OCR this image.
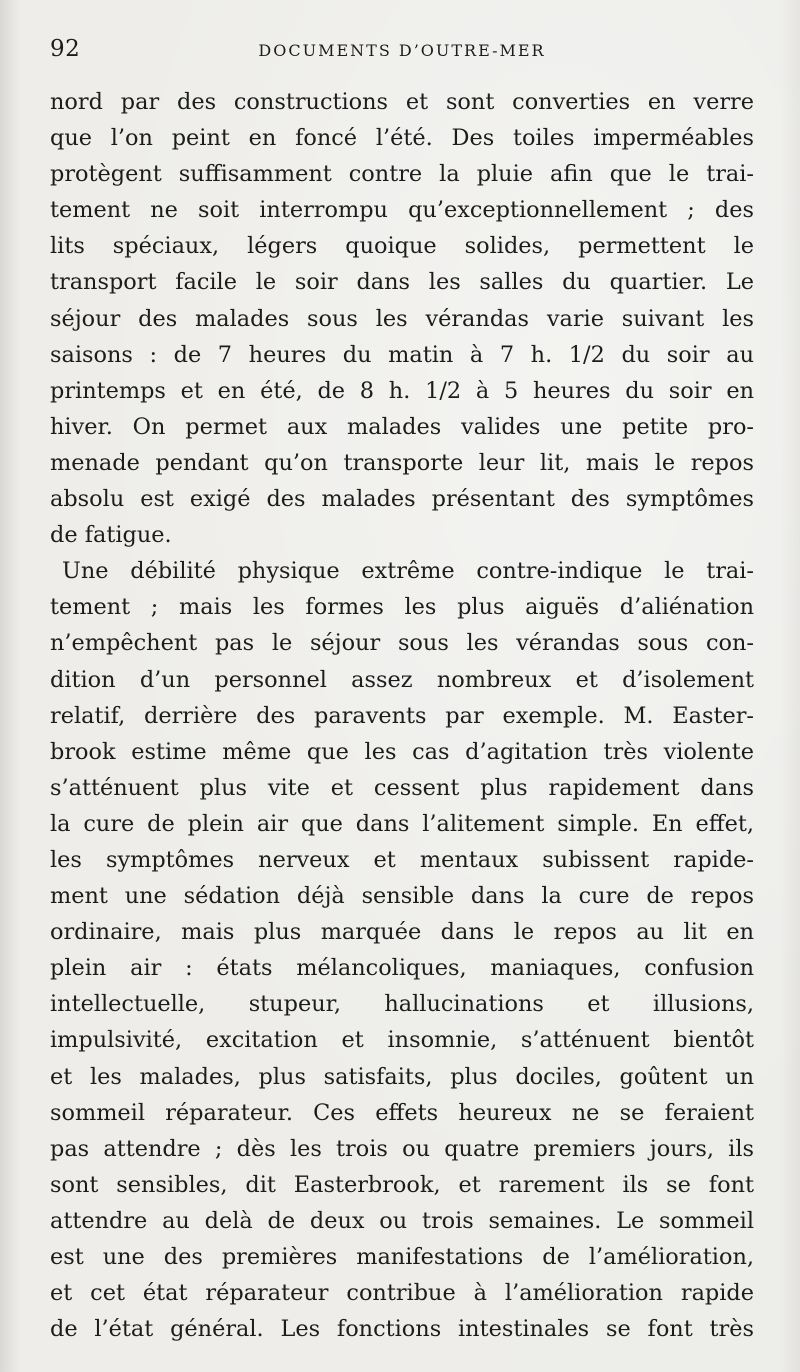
92	DOCUMENTS D’OUTRE-MER
nord par des constructions et sont converties en verre
que l’on peint en foncé l’été. Des toiles imperméables
protègent suffisamment contre la pluie afin que le trai-
tement ne soit interrompu qu’exceptionnellement ; des
lits spéciaux, légers quoique solides, permettent le
transport facile le soir dans les salles du quartier. Le
séjour des malades sous les vérandas varie suivant les
saisons : de 7 heures du matin à 7 h. 1/2 du soir au
printemps et en été, de 8 h. 1/2 à 5 heures du soir en
hiver. On permet aux malades valides une petite pro-
menade pendant qu’on transporte leur lit, mais le repos
absolu est exigé des malades présentant des symptômes
de fatigue.
Une débilité physique extrême contre-indique le trai-
tement ; mais les formes les plus aiguës d’aliénation
n’empêchent pas le séjour sous les vérandas sous con-
dition d’un personnel assez nombreux et d’isolement
relatif, derrière des paravents par exemple. M. Easter-
brook estime même que les cas d’agitation très violente
s’atténuent plus vite et cessent plus rapidement dans
la cure de plein air que dans l’alitement simple. En effet,
les symptômes nerveux et mentaux subissent rapide-
ment une sédation déjà sensible dans la cure de repos
ordinaire, mais plus marquée dans le repos au lit en
plein air : états mélancoliques, maniaques, confusion
intellectuelle, stupeur, hallucinations et illusions,
impulsivité, excitation et insomnie, s’atténuent bientôt
et les malades, plus satisfaits, plus dociles, goûtent un
sommeil réparateur. Ces effets heureux ne se feraient
pas attendre ; dès les trois ou quatre premiers jours, ils
sont sensibles, dit Easterbrook, et rarement ils se font
attendre au delà de deux ou trois semaines. Le sommeil
est une des premières manifestations de l’amélioration,
et cet état réparateur contribue à l’amélioration rapide
de l’état général. Les fonctions intestinales se font très
